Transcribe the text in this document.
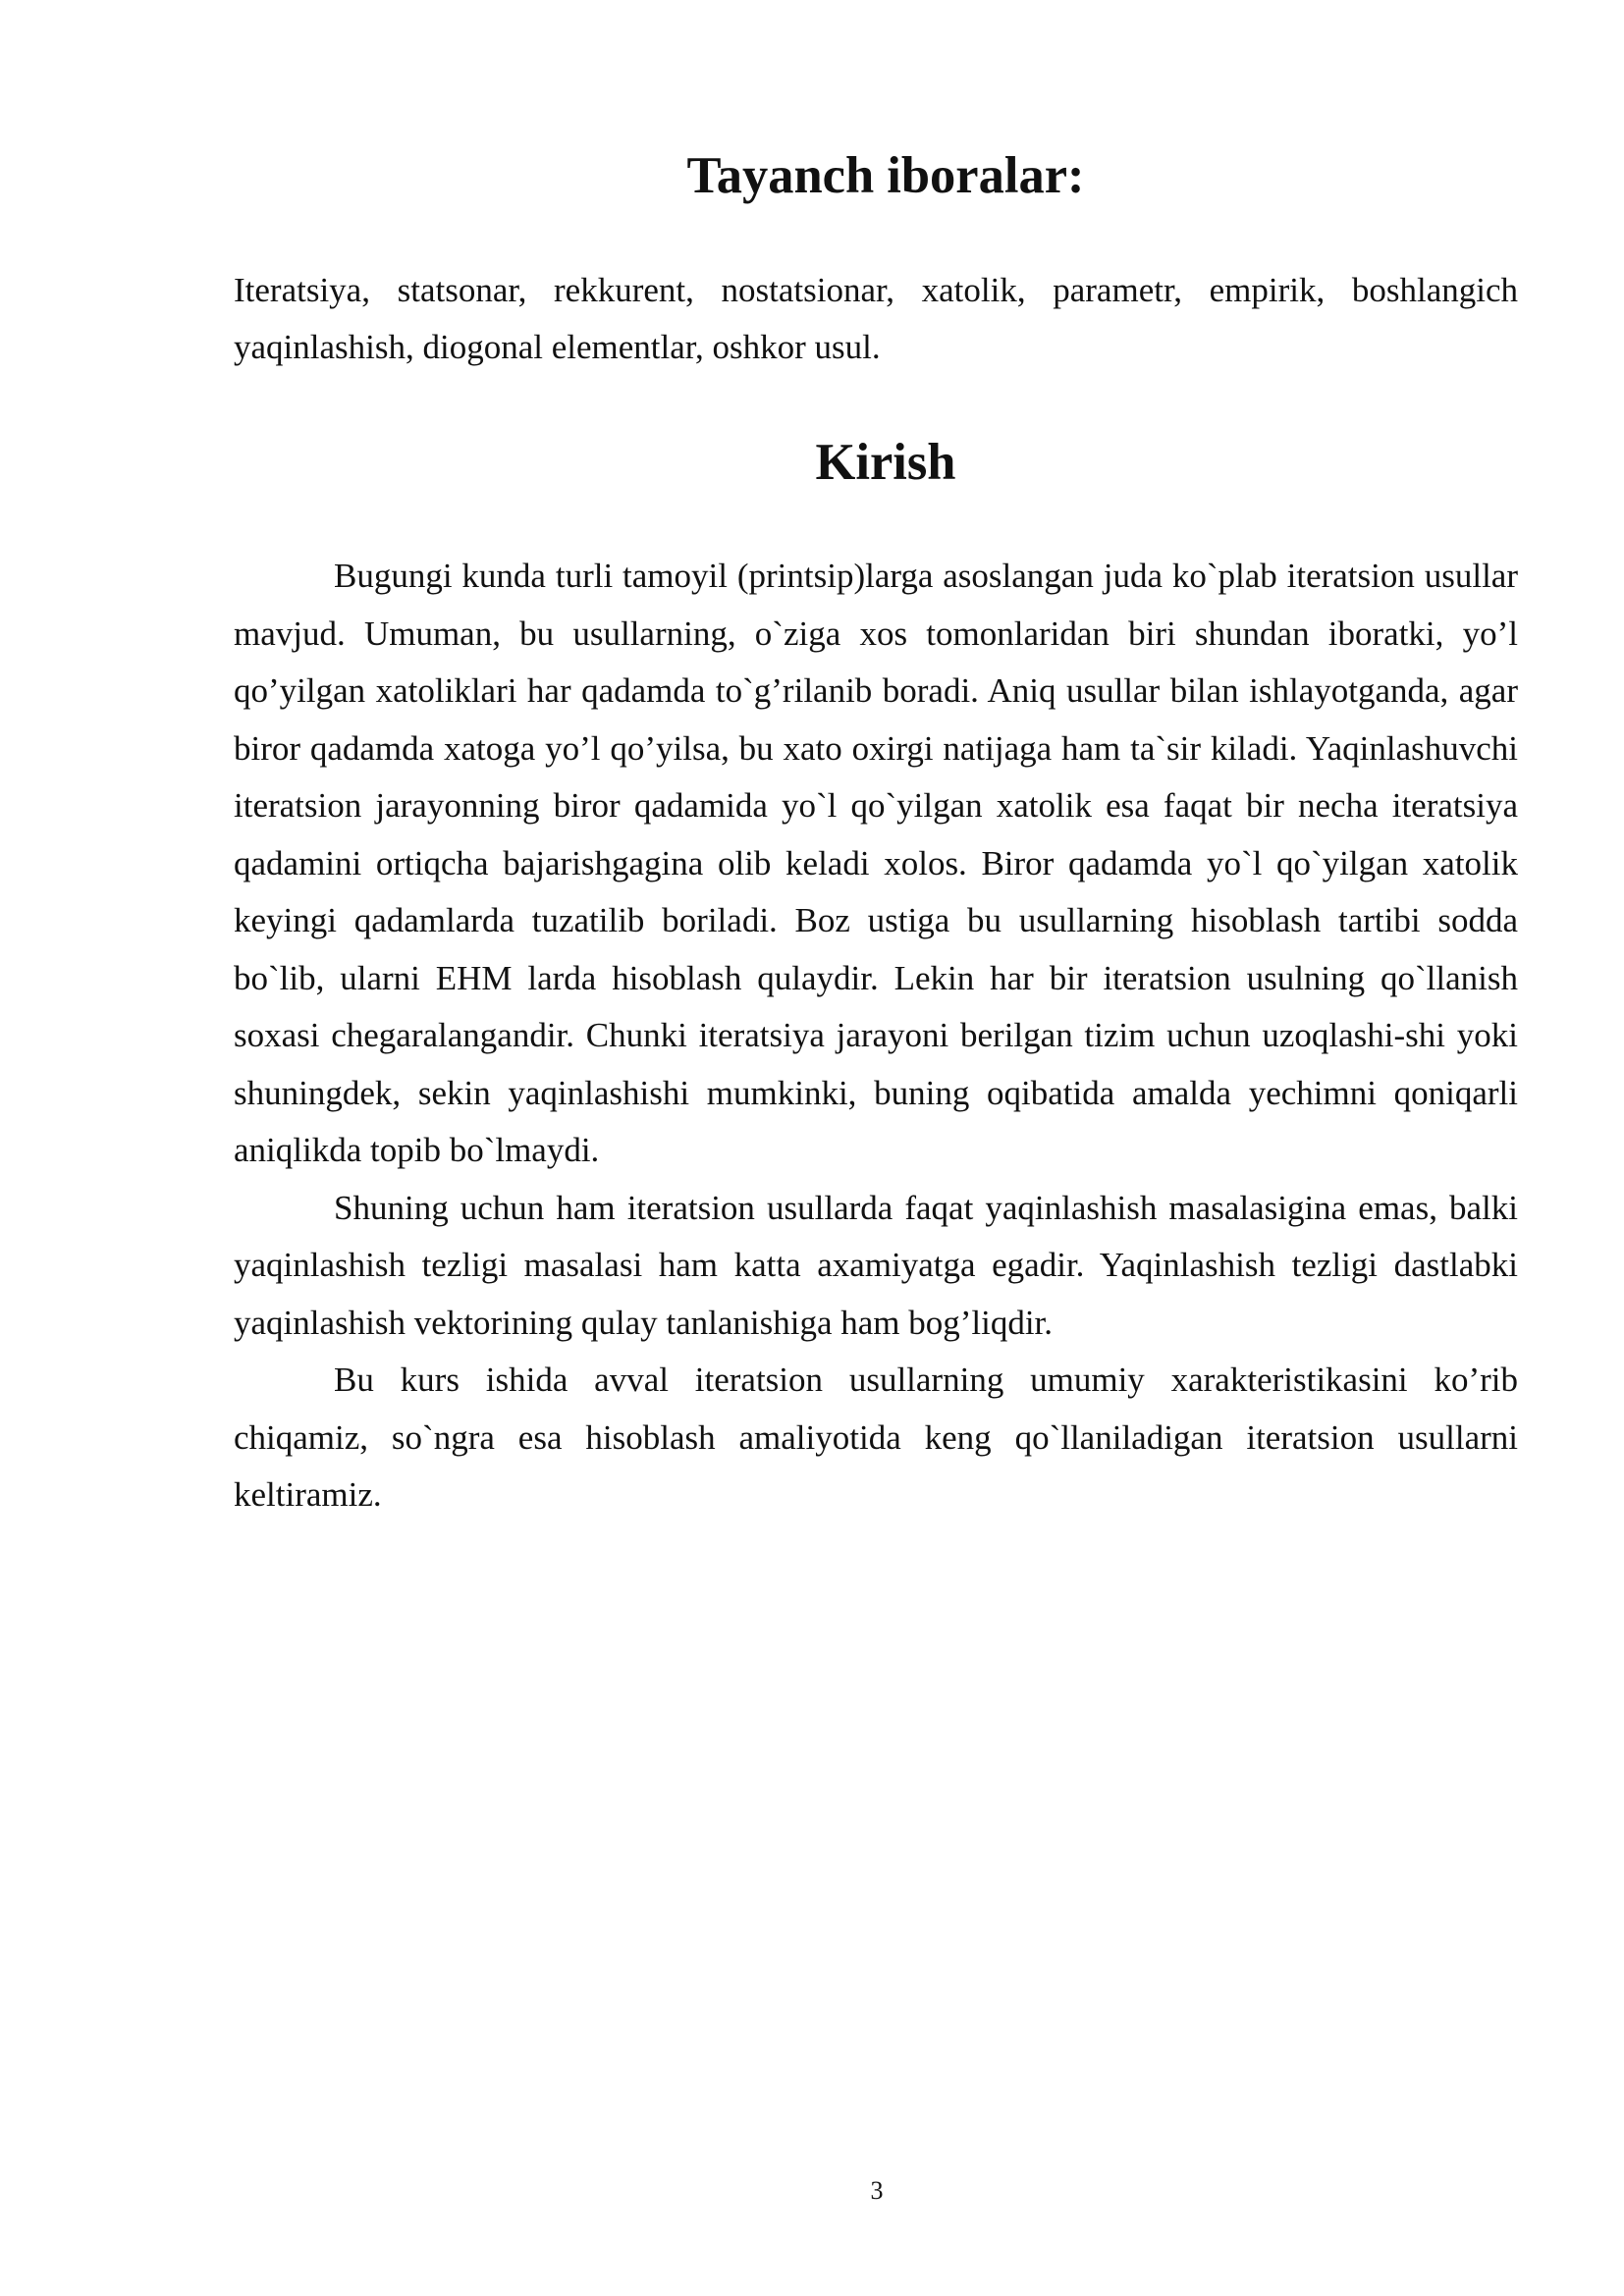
Tayanch iboralar:

Iteratsiya, statsonar, rekkurent, nostatsionar, xatolik, parametr, empirik, boshlangich yaqinlashish, diogonal elementlar, oshkor usul.

Kirish

Bugungi kunda turli tamoyil (printsip)larga asoslangan juda ko`plab iteratsion usullar mavjud. Umuman, bu usullarning, o`ziga xos tomonlaridan biri shundan iboratki, yo’l qo’yilgan xatoliklari har qadamda to`g’rilanib boradi. Aniq usullar bilan ishlayotganda, agar biror qadamda xatoga yo’l qo’yilsa, bu xato oxirgi natijaga ham ta`sir kiladi. Yaqinlashuvchi iteratsion jarayonning biror qadamida yo`l qo`yilgan xatolik esa faqat bir necha iteratsiya qadamini ortiqcha bajarishgagina olib keladi xolos. Biror qadamda yo`l qo`yilgan xatolik keyingi qadamlarda tuzatilib boriladi. Boz ustiga bu usullarning hisoblash tartibi sodda bo`lib, ularni EHM larda hisoblash qulaydir. Lekin har bir iteratsion usulning qo`llanish soxasi chegaralangandir. Chunki iteratsiya jarayoni berilgan tizim uchun uzoqlashi-shi yoki shuningdek, sekin yaqinlashishi mumkinki, buning oqibatida amalda yechimni qoniqarli aniqlikda topib bo`lmaydi.

Shuning uchun ham iteratsion usullarda faqat yaqinlashish masalasigina emas, balki yaqinlashish tezligi masalasi ham katta axamiyatga egadir. Yaqinlashish tezligi dastlabki yaqinlashish vektorining qulay tanlanishiga ham bog’liqdir.

Bu kurs ishida avval iteratsion usullarning umumiy xarakteristikasini ko’rib chiqamiz, so`ngra esa hisoblash amaliyotida keng qo`llaniladigan iteratsion usullarni keltiramiz.

3
